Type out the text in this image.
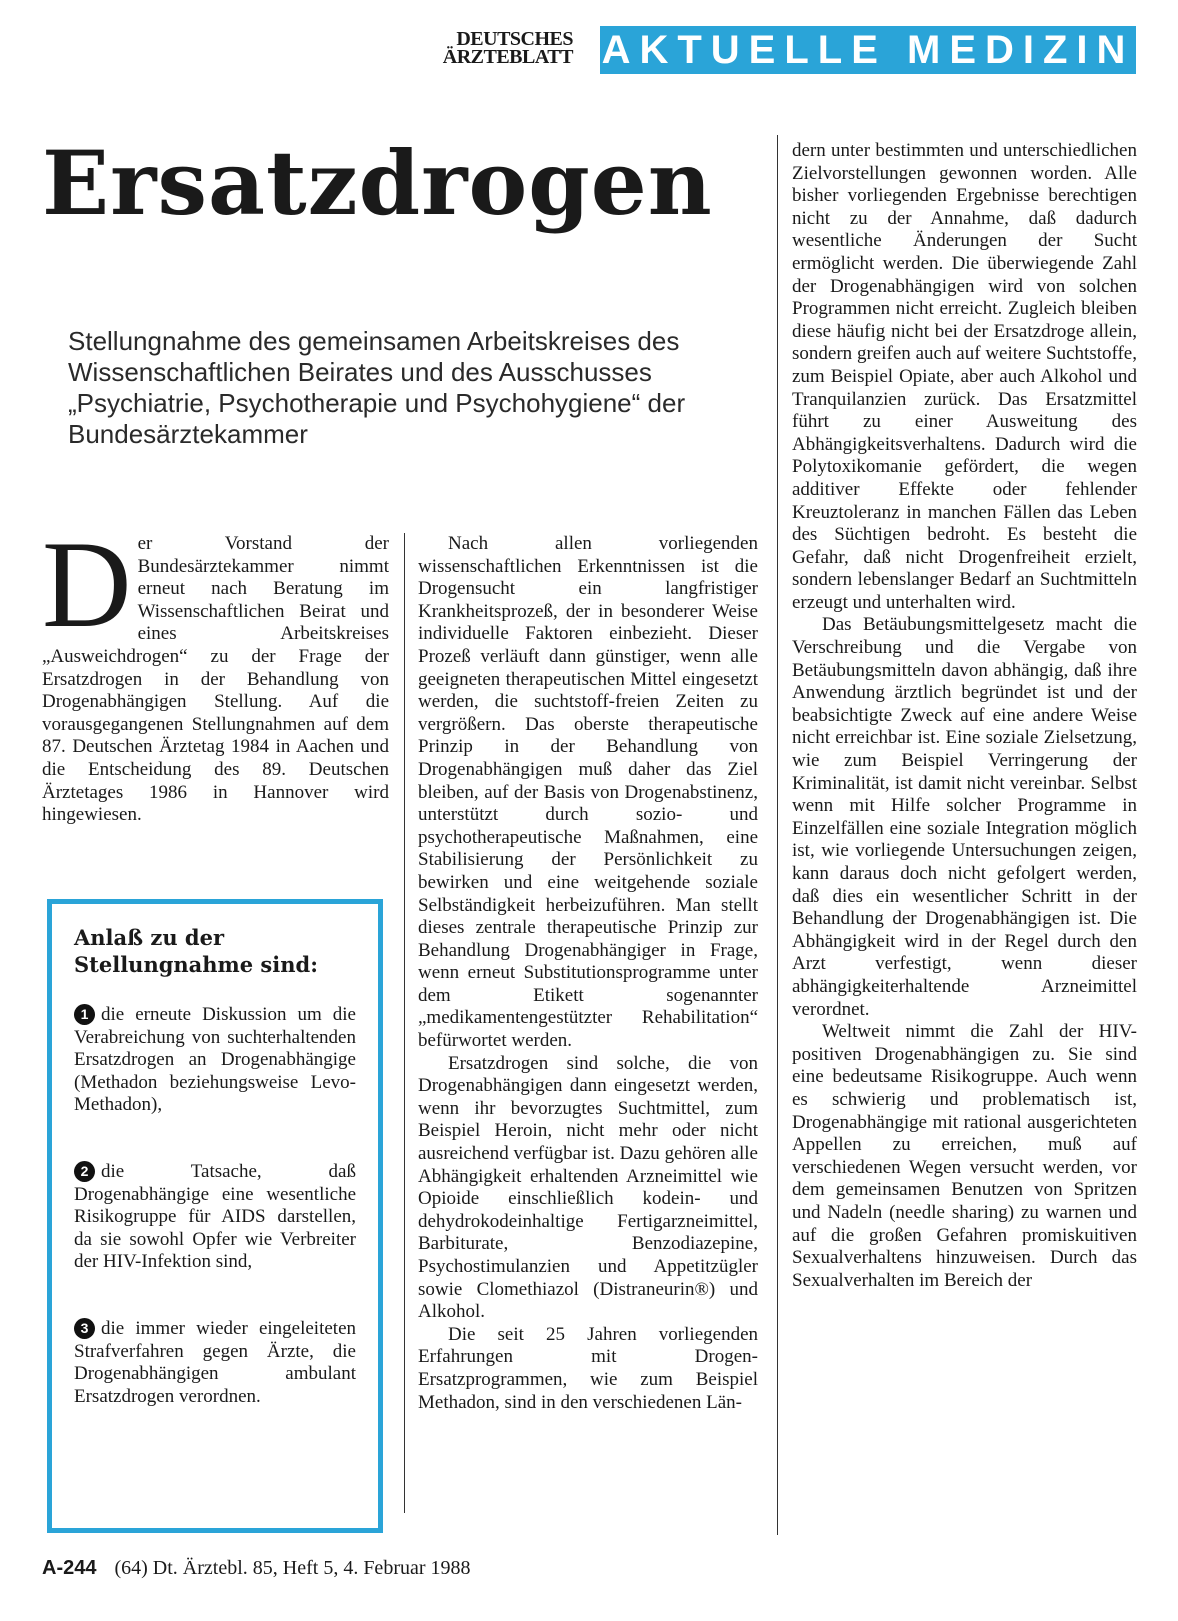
DEUTSCHES
ÄRZTEBLATT AKTUELLE MEDIZIN
Ersatzdrogen

Stellungnahme des gemeinsamen Arbeitskreises des Wissenschaftlichen Beirates und des Ausschusses „Psychiatrie, Psychotherapie und Psychohygiene“ der Bundesärztekammer

Der Vorstand der Bundesärztekammer nimmt erneut nach Beratung im Wissenschaftlichen Beirat und eines Arbeitskreises „Ausweichdrogen“ zu der Frage der Ersatzdrogen in der Behandlung von Drogenabhängigen Stellung. Auf die vorausgegangenen Stellungnahmen auf dem 87. Deutschen Ärztetag 1984 in Aachen und die Entscheidung des 89. Deutschen Ärztetages 1986 in Hannover wird hingewiesen.

Anlaß zu der Stellungnahme sind:

1 die erneute Diskussion um die Verabreichung von suchterhaltenden Ersatzdrogen an Drogenabhängige (Methadon beziehungsweise Levo-Methadon),

2 die Tatsache, daß Drogenabhängige eine wesentliche Risikogruppe für AIDS darstellen, da sie sowohl Opfer wie Verbreiter der HIV-Infektion sind,

3 die immer wieder eingeleiteten Strafverfahren gegen Ärzte, die Drogenabhängigen ambulant Ersatzdrogen verordnen.

Nach allen vorliegenden wissenschaftlichen Erkenntnissen ist die Drogensucht ein langfristiger Krankheitsprozeß, der in besonderer Weise individuelle Faktoren einbezieht. Dieser Prozeß verläuft dann günstiger, wenn alle geeigneten therapeutischen Mittel eingesetzt werden, die suchtstoff-freien Zeiten zu vergrößern. Das oberste therapeutische Prinzip in der Behandlung von Drogenabhängigen muß daher das Ziel bleiben, auf der Basis von Drogenabstinenz, unterstützt durch sozio- und psychotherapeutische Maßnahmen, eine Stabilisierung der Persönlichkeit zu bewirken und eine weitgehende soziale Selbständigkeit herbeizuführen. Man stellt dieses zentrale therapeutische Prinzip zur Behandlung Drogenabhängiger in Frage, wenn erneut Substitutionsprogramme unter dem Etikett sogenannter „medikamentengestützter Rehabilitation“ befürwortet werden.

Ersatzdrogen sind solche, die von Drogenabhängigen dann eingesetzt werden, wenn ihr bevorzugtes Suchtmittel, zum Beispiel Heroin, nicht mehr oder nicht ausreichend verfügbar ist. Dazu gehören alle Abhängigkeit erhaltenden Arzneimittel wie Opioide einschließlich kodein- und dehydrokodeinhaltige Fertigarzneimittel, Barbiturate, Benzodiazepine, Psychostimulanzien und Appetitzügler sowie Clomethiazol (Distraneurin®) und Alkohol.

Die seit 25 Jahren vorliegenden Erfahrungen mit Drogen-Ersatzprogrammen, wie zum Beispiel Methadon, sind in den verschiedenen Län-

dern unter bestimmten und unterschiedlichen Zielvorstellungen gewonnen worden. Alle bisher vorliegenden Ergebnisse berechtigen nicht zu der Annahme, daß dadurch wesentliche Änderungen der Sucht ermöglicht werden. Die überwiegende Zahl der Drogenabhängigen wird von solchen Programmen nicht erreicht. Zugleich bleiben diese häufig nicht bei der Ersatzdroge allein, sondern greifen auch auf weitere Suchtstoffe, zum Beispiel Opiate, aber auch Alkohol und Tranquilanzien zurück. Das Ersatzmittel führt zu einer Ausweitung des Abhängigkeitsverhaltens. Dadurch wird die Polytoxikomanie gefördert, die wegen additiver Effekte oder fehlender Kreuztoleranz in manchen Fällen das Leben des Süchtigen bedroht. Es besteht die Gefahr, daß nicht Drogenfreiheit erzielt, sondern lebenslanger Bedarf an Suchtmitteln erzeugt und unterhalten wird.

Das Betäubungsmittelgesetz macht die Verschreibung und die Vergabe von Betäubungsmitteln davon abhängig, daß ihre Anwendung ärztlich begründet ist und der beabsichtigte Zweck auf eine andere Weise nicht erreichbar ist. Eine soziale Zielsetzung, wie zum Beispiel Verringerung der Kriminalität, ist damit nicht vereinbar. Selbst wenn mit Hilfe solcher Programme in Einzelfällen eine soziale Integration möglich ist, wie vorliegende Untersuchungen zeigen, kann daraus doch nicht gefolgert werden, daß dies ein wesentlicher Schritt in der Behandlung der Drogenabhängigen ist. Die Abhängigkeit wird in der Regel durch den Arzt verfestigt, wenn dieser abhängigkeiterhaltende Arzneimittel verordnet.

Weltweit nimmt die Zahl der HIV-positiven Drogenabhängigen zu. Sie sind eine bedeutsame Risikogruppe. Auch wenn es schwierig und problematisch ist, Drogenabhängige mit rational ausgerichteten Appellen zu erreichen, muß auf verschiedenen Wegen versucht werden, vor dem gemeinsamen Benutzen von Spritzen und Nadeln (needle sharing) zu warnen und auf die großen Gefahren promiskuitiven Sexualverhaltens hinzuweisen. Durch das Sexualverhalten im Bereich der

A-244 (64) Dt. Ärztebl. 85, Heft 5, 4. Februar 1988
